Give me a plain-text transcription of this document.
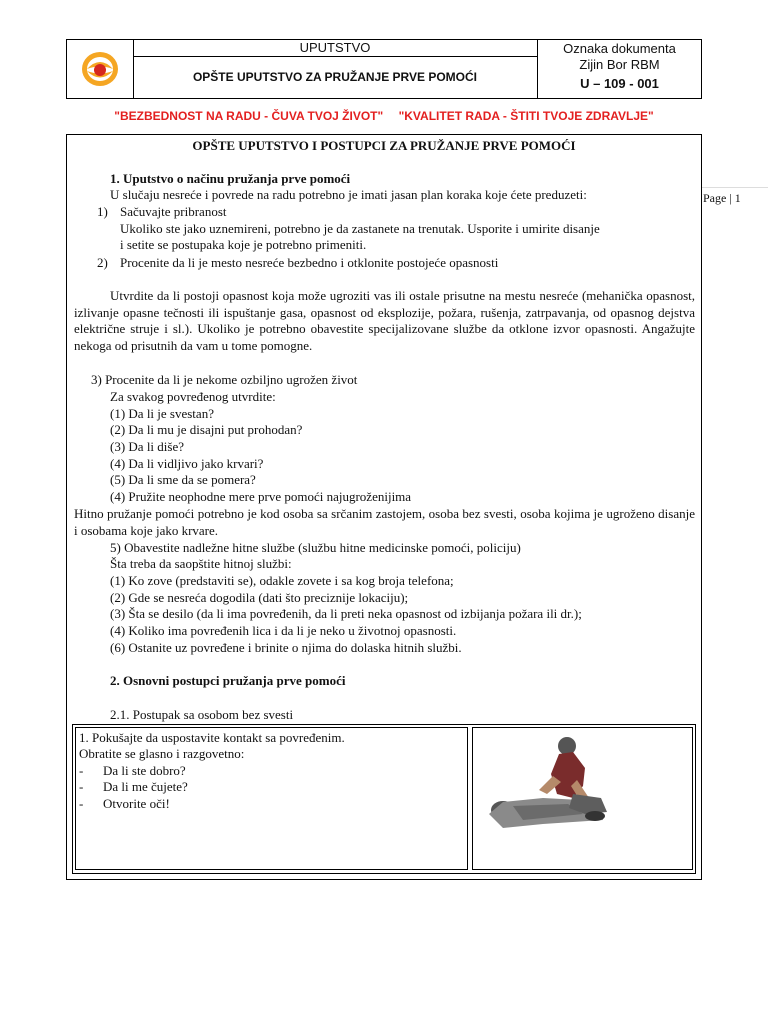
UPUTSTVO
OPŠTE UPUTSTVO ZA PRUŽANJE PRVE POMOĆI
Oznaka dokumenta
Zijin Bor RBM
U – 109 - 001
"BEZBEDNOST NA RADU - ČUVA TVOJ ŽIVOT" "KVALITET RADA - ŠTITI TVOJE ZDRAVLJE"
Page | 1
OPŠTE UPUTSTVO I POSTUPCI ZA PRUŽANJE PRVE POMOĆI
1. Uputstvo o načinu pružanja prve pomoći
U slučaju nesreće i povrede na radu potrebno je imati jasan plan koraka koje ćete preduzeti:
1) Sačuvajte pribranost
Ukoliko ste jako uznemireni, potrebno je da zastanete na trenutak. Usporite i umirite disanje
i setite se postupaka koje je potrebno primeniti.
2) Procenite da li je mesto nesreće bezbedno i otklonite postojeće opasnosti
Utvrdite da li postoji opasnost koja može ugroziti vas ili ostale prisutne na mestu nesreće (mehanička opasnost, izlivanje opasne tečnosti ili ispuštanje gasa, opasnost od eksplozije, požara, rušenja, zatrpavanja, od opasnog dejstva električne struje i sl.). Ukoliko je potrebno obavestite specijalizovane službe da otklone izvor opasnosti. Angažujte nekoga od prisutnih da vam u tome pomogne.
3) Procenite da li je nekome ozbiljno ugrožen život
Za svakog povređenog utvrdite:
(1) Da li je svestan?
(2) Da li mu je disajni put prohodan?
(3) Da li diše?
(4) Da li vidljivo jako krvari?
(5) Da li sme da se pomera?
(4) Pružite neophodne mere prve pomoći najugroženijima
Hitno pružanje pomoći potrebno je kod osoba sa srčanim zastojem, osoba bez svesti, osoba kojima je ugroženo disanje i osobama koje jako krvare.
5) Obavestite nadležne hitne službe (službu hitne medicinske pomoći, policiju)
Šta treba da saopštite hitnoj službi:
(1) Ko zove (predstaviti se), odakle zovete i sa kog broja telefona;
(2) Gde se nesreća dogodila (dati što preciznije lokaciju);
(3) Šta se desilo (da li ima povređenih, da li preti neka opasnost od izbijanja požara ili dr.);
(4) Koliko ima povređenih lica i da li je neko u životnoj opasnosti.
(6) Ostanite uz povređene i brinite o njima do dolaska hitnih službi.
2. Osnovni postupci pružanja prve pomoći
2.1. Postupak sa osobom bez svesti
1. Pokušajte da uspostavite kontakt sa povređenim.
Obratite se glasno i razgovetno:
- Da li ste dobro?
- Da li me čujete?
- Otvorite oči!
